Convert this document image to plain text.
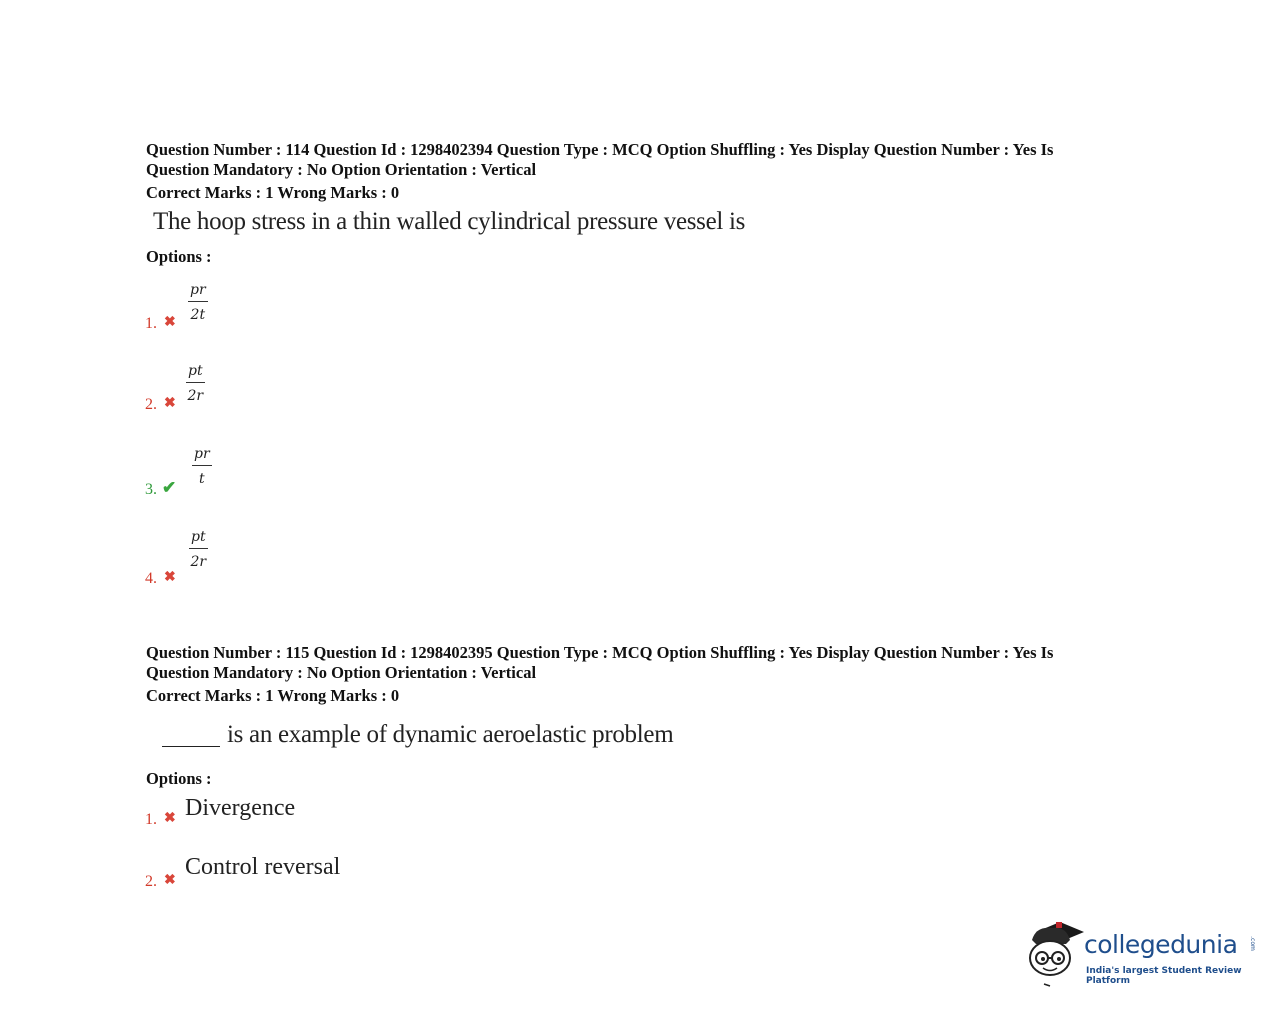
Question Number : 114 Question Id : 1298402394 Question Type : MCQ Option Shuffling : Yes Display Question Number : Yes Is
Question Mandatory : No Option Orientation : Vertical

Correct Marks : 1 Wrong Marks : 0

The hoop stress in a thin walled cylindrical pressure vessel is
Options :
1. ✖ $\frac{pr}{2t}$
2. ✖ $\frac{pt}{2r}$
3. ✔
$\frac{pr}{t}$
4. ✖
$\frac{pt}{2r}$

Question Number : 115 Question Id : 1298402395 Question Type : MCQ Option Shuffling : Yes Display Question Number : Yes Is
Question Mandatory : No Option Orientation : Vertical

Correct Marks : 1 Wrong Marks : 0

is an example of dynamic aeroelastic problem
Options :
1. ✖ Divergence
2. ✖
Control reversal
collegedunia .com
India's largest Student Review Platform
